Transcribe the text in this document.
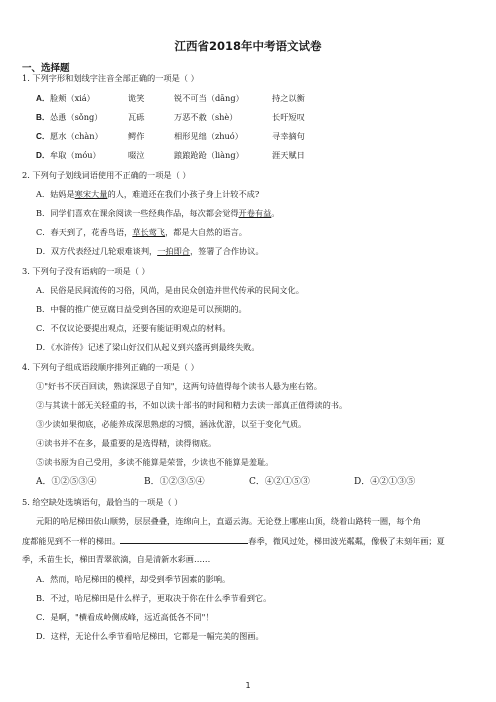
江西省2018年中考语文试卷
一、选择题
1. 下列字形和划线字注音全部正确的一项是（ ）
A．脸颊（xiá）	诡笑	锐不可当（dāng）	持之以衡
B．怂恿（sǒng）	瓦砾	万恶不赦（shè）	长吁短叹
C．愿水（chàn）	鳄作	相形见绌（zhuó）	寻幸摘句
D．牟取（móu）	啜泣	踉踉跄跄（liàng）	涯天赋日
2. 下列句子划线词语使用不正确的一项是（ ）
A．姑妈是寒宋大量的人，难道还在我们小孩子身上计较不成?
B．同学们喜欢在课余阅读一些经典作品，每次都会觉得开卷有益。
C．春天到了，花香鸟语，草长莺飞，都是大自然的语言。
D．双方代表经过几轮艰难谈判，一拍即合，签署了合作协议。
3. 下列句子没有语病的一项是（ ）
A．民俗是民间流传的习俗，风尚，是由民众创造并世代传承的民间文化。
B．中餐的推广使豆腐日益受到各国的欢迎是可以预期的。
C．不仅议论要提出观点，还要有能证明观点的材料。
D．《水浒传》记述了梁山好汉们从起义到兴盛再到最终失败。
4. 下列句子组成语段顺序排列正确的一项是（ ）
①"好书不厌百回读，熟读深思子自知"，这两句诗值得每个读书人悬为座右铭。
②与其读十部无关轻重的书，不如以读十部书的时间和精力去读一部真正值得读的书。
③少读如果彻底，必能养成深思熟虑的习惯，涵泳优游，以至于变化气质。
④读书并不在多，最重要的是选得精，读得彻底。
⑤读书原为自己受用，多读不能算是荣誉，少读也不能算是羞耻。
A．①②⑤③④	B．①②③⑤④	C．④②①⑤③	D．④②①③⑤
5. 给空缺处选填语句，最恰当的一项是（ ）
元阳的哈尼梯田依山顺势，层层叠叠，连绵向上，直逼云海。无论登上哪座山顶，绕着山路转一圈，每个角
度都能见到不一样的梯田。	春季，微风过处，梯田波光粼粼，像极了未刻年画；夏
季，禾苗生长，梯田青翠欲滴，自是清新水彩画……
A．然而，哈尼梯田的模样，却受到季节因素的影响。
B．不过，哈尼梯田是什么样子，更取决于你在什么季节看到它。
C．是啊，"横看成岭侧成峰，远近高低各不同"！
D．这样，无论什么季节看哈尼梯田，它都是一幅完美的图画。
1
